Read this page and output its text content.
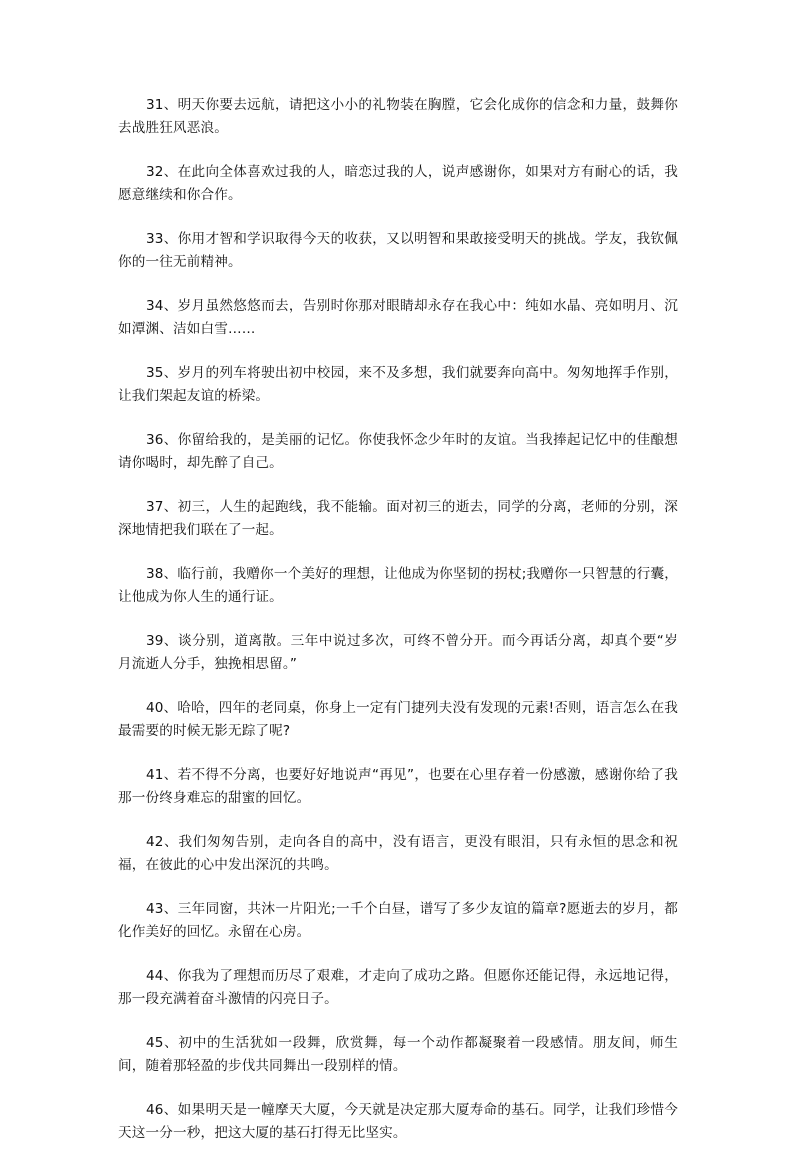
31、明天你要去远航，请把这小小的礼物装在胸膛，它会化成你的信念和力量，鼓舞你去战胜狂风恶浪。

32、在此向全体喜欢过我的人，暗恋过我的人，说声感谢你，如果对方有耐心的话，我愿意继续和你合作。

33、你用才智和学识取得今天的收获，又以明智和果敢接受明天的挑战。学友，我钦佩你的一往无前精神。

34、岁月虽然悠悠而去，告别时你那对眼睛却永存在我心中：纯如水晶、亮如明月、沉如潭渊、洁如白雪……

35、岁月的列车将驶出初中校园，来不及多想，我们就要奔向高中。匆匆地挥手作别，让我们架起友谊的桥梁。

36、你留给我的，是美丽的记忆。你使我怀念少年时的友谊。当我捧起记忆中的佳酿想请你喝时，却先醉了自己。

37、初三，人生的起跑线，我不能输。面对初三的逝去，同学的分离，老师的分别，深深地情把我们联在了一起。

38、临行前，我赠你一个美好的理想，让他成为你坚韧的拐杖;我赠你一只智慧的行囊，让他成为你人生的通行证。

39、谈分别，道离散。三年中说过多次，可终不曾分开。而今再话分离，却真个要“岁月流逝人分手，独挽相思留。”

40、哈哈，四年的老同桌，你身上一定有门捷列夫没有发现的元素!否则，语言怎么在我最需要的时候无影无踪了呢?

41、若不得不分离，也要好好地说声“再见”，也要在心里存着一份感激，感谢你给了我那一份终身难忘的甜蜜的回忆。

42、我们匆匆告别，走向各自的高中，没有语言，更没有眼泪，只有永恒的思念和祝福，在彼此的心中发出深沉的共鸣。

43、三年同窗，共沐一片阳光;一千个白昼，谱写了多少友谊的篇章?愿逝去的岁月，都化作美好的回忆。永留在心房。

44、你我为了理想而历尽了艰难，才走向了成功之路。但愿你还能记得，永远地记得，那一段充满着奋斗激情的闪亮日子。

45、初中的生活犹如一段舞，欣赏舞，每一个动作都凝聚着一段感情。朋友间，师生间，随着那轻盈的步伐共同舞出一段别样的情。

46、如果明天是一幢摩天大厦，今天就是决定那大厦寿命的基石。同学，让我们珍惜今天这一分一秒，把这大厦的基石打得无比坚实。
